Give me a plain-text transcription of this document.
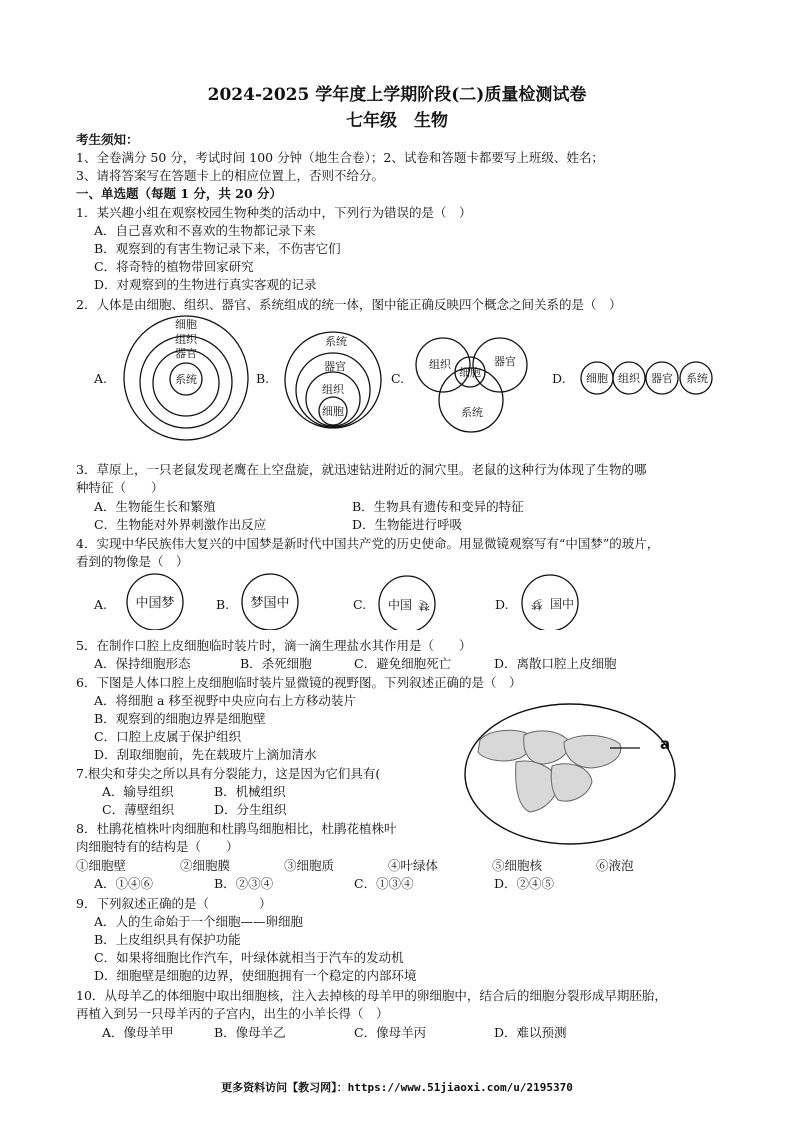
2024-2025 学年度上学期阶段(二)质量检测试卷
七年级　生物
考生须知：
1、全卷满分 50 分，考试时间 100 分钟（地生合卷）；2、试卷和答题卡都要写上班级、姓名；
3、请将答案写在答题卡上的相应位置上，否则不给分。
一、单选题（每题 1 分，共 20 分）
1．某兴趣小组在观察校园生物种类的活动中，下列行为错误的是（　）
A．自己喜欢和不喜欢的生物都记录下来
B．观察到的有害生物记录下来，不伤害它们
C．将奇特的植物带回家研究
D．对观察到的生物进行真实客观的记录
2．人体是由细胞、组织、器官、系统组成的统一体，图中能正确反映四个概念之间关系的是（　）
A.	B.	C.	D.
细胞
组织
器官
系统
系统
器官
组织
细胞
组织	器官
细胞
系统
细胞 组织 器官 系统
3．草原上，一只老鼠发现老鹰在上空盘旋，就迅速钻进附近的洞穴里。老鼠的这种行为体现了生物的哪
种特征（　　）
A．生物能生长和繁殖	B．生物具有遗传和变异的特征
C．生物能对外界刺激作出反应	D．生物能进行呼吸
4．实现中华民族伟大复兴的中国梦是新时代中国共产党的历史使命。用显微镜观察写有“中国梦”的玻片，
看到的物像是（　）
A.	B.	C.	D.
中国梦	梦国中	中国 梦	梦 国中
5．在制作口腔上皮细胞临时装片时，滴一滴生理盐水其作用是（　　）
A．保持细胞形态	B．杀死细胞	C．避免细胞死亡	D．离散口腔上皮细胞
6．下图是人体口腔上皮细胞临时装片显微镜的视野图。下列叙述正确的是（　）
A．将细胞 a 移至视野中央应向右上方移动装片
B．观察到的细胞边界是细胞壁
C．口腔上皮属于保护组织
D．刮取细胞前，先在载玻片上滴加清水
a
7.根尖和芽尖之所以具有分裂能力，这是因为它们具有(
A．输导组织	B．机械组织
C．薄壁组织	D．分生组织
8．杜鹃花植株叶肉细胞和杜鹃鸟细胞相比，杜鹃花植株叶
肉细胞特有的结构是（　　）
①细胞壁	②细胞膜	③细胞质	④叶绿体	⑤细胞核	⑥液泡
A．①④⑥	B．②③④	C．①③④	D．②④⑤
9．下列叙述正确的是（　　　　）
A．人的生命始于一个细胞——卵细胞
B．上皮组织具有保护功能
C．如果将细胞比作汽车，叶绿体就相当于汽车的发动机
D．细胞壁是细胞的边界，使细胞拥有一个稳定的内部环境
10．从母羊乙的体细胞中取出细胞核，注入去掉核的母羊甲的卵细胞中，结合后的细胞分裂形成早期胚胎，
再植入到另一只母羊丙的子宫内，出生的小羊长得（　）
A．像母羊甲	B．像母羊乙	C．像母羊丙	D．难以预测
更多资料访问【教习网】：https://www.51jiaoxi.com/u/2195370
